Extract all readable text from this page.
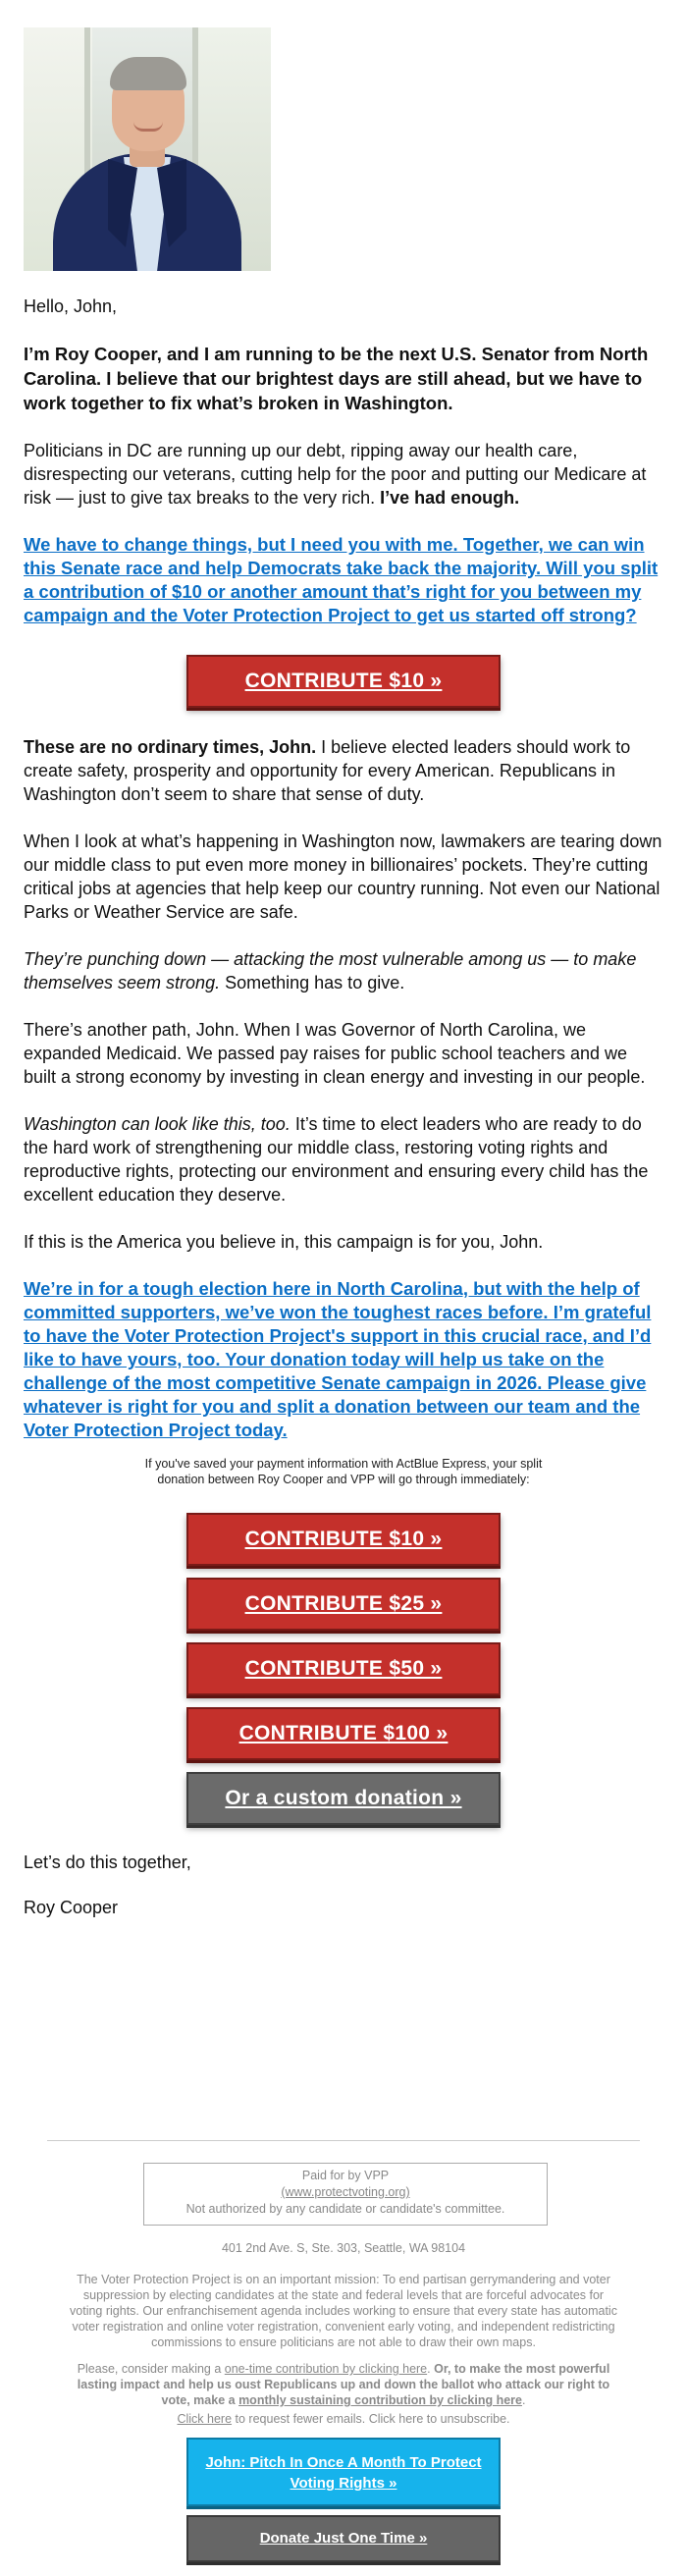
Hello, John,

I’m Roy Cooper, and I am running to be the next U.S. Senator from North Carolina. I believe that our brightest days are still ahead, but we have to work together to fix what’s broken in Washington.

Politicians in DC are running up our debt, ripping away our health care, disrespecting our veterans, cutting help for the poor and putting our Medicare at risk — just to give tax breaks to the very rich. I’ve had enough.

We have to change things, but I need you with me. Together, we can win this Senate race and help Democrats take back the majority. Will you split a contribution of $10 or another amount that’s right for you between my campaign and the Voter Protection Project to get us started off strong?

CONTRIBUTE $10 »

These are no ordinary times, John. I believe elected leaders should work to create safety, prosperity and opportunity for every American. Republicans in Washington don’t seem to share that sense of duty.

When I look at what’s happening in Washington now, lawmakers are tearing down our middle class to put even more money in billionaires’ pockets. They’re cutting critical jobs at agencies that help keep our country running. Not even our National Parks or Weather Service are safe.

They’re punching down — attacking the most vulnerable among us — to make themselves seem strong. Something has to give.

There’s another path, John. When I was Governor of North Carolina, we expanded Medicaid. We passed pay raises for public school teachers and we built a strong economy by investing in clean energy and investing in our people.

Washington can look like this, too. It’s time to elect leaders who are ready to do the hard work of strengthening our middle class, restoring voting rights and reproductive rights, protecting our environment and ensuring every child has the excellent education they deserve.

If this is the America you believe in, this campaign is for you, John.

We’re in for a tough election here in North Carolina, but with the help of committed supporters, we’ve won the toughest races before. I’m grateful to have the Voter Protection Project's support in this crucial race, and I’d like to have yours, too. Your donation today will help us take on the challenge of the most competitive Senate campaign in 2026. Please give whatever is right for you and split a donation between our team and the Voter Protection Project today.

If you've saved your payment information with ActBlue Express, your split donation between Roy Cooper and VPP will go through immediately:

CONTRIBUTE $10 »
CONTRIBUTE $25 »
CONTRIBUTE $50 »
CONTRIBUTE $100 »
Or a custom donation »

Let’s do this together,

Roy Cooper

Paid for by VPP
(www.protectvoting.org)
Not authorized by any candidate or candidate's committee.
401 2nd Ave. S, Ste. 303, Seattle, WA 98104
The Voter Protection Project is on an important mission: To end partisan gerrymandering and voter suppression by electing candidates at the state and federal levels that are forceful advocates for voting rights. Our enfranchisement agenda includes working to ensure that every state has automatic voter registration and online voter registration, convenient early voting, and independent redistricting commissions to ensure politicians are not able to draw their own maps.
Please, consider making a one-time contribution by clicking here. Or, to make the most powerful lasting impact and help us oust Republicans up and down the ballot who attack our right to vote, make a monthly sustaining contribution by clicking here.
Click here to request fewer emails. Click here to unsubscribe.
John: Pitch In Once A Month To Protect Voting Rights »
Donate Just One Time »
